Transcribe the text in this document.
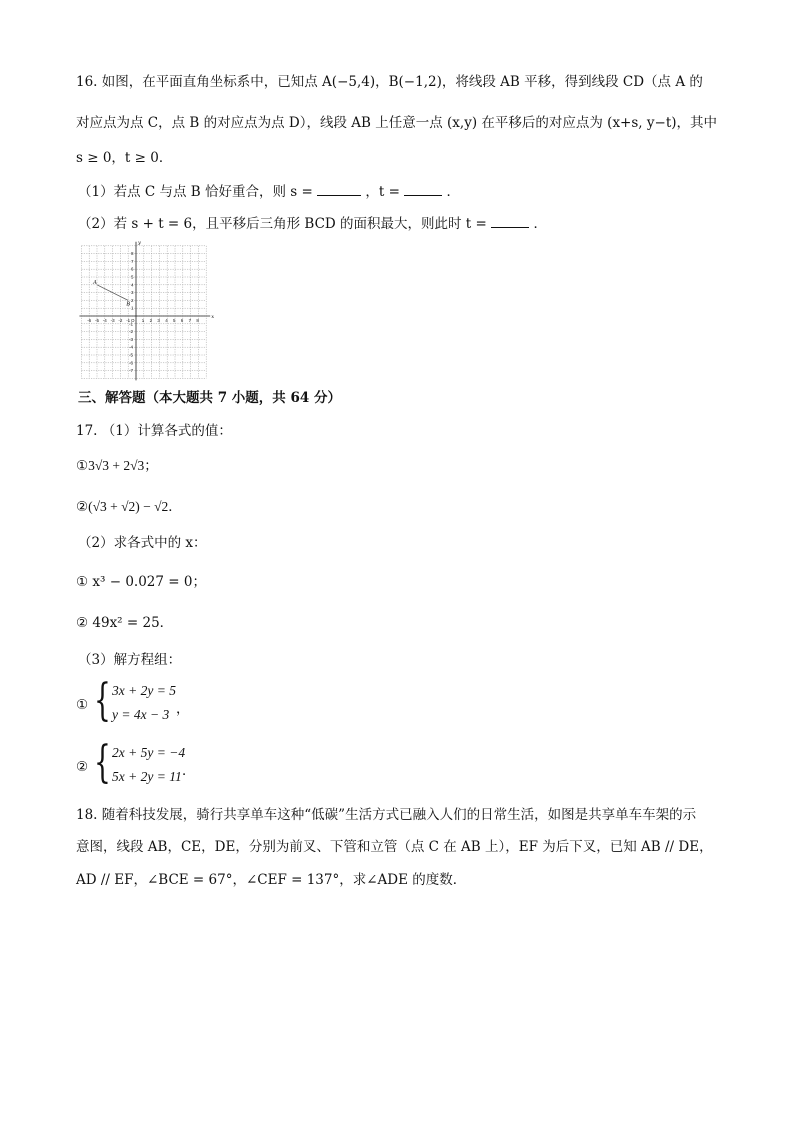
16. 如图，在平面直角坐标系中，已知点 A(−5,4)，B(−1,2)，将线段 AB 平移，得到线段 CD（点 A 的
对应点为点 C，点 B 的对应点为点 D），线段 AB 上任意一点 (x,y) 在平移后的对应点为 (x+s, y−t)，其中
s ≥ 0，t ≥ 0．
（1）若点 C 与点 B 恰好重合，则 s =	，t =	．
（2）若 s + t = 6，且平移后三角形 BCD 的面积最大，则此时 t =	．
-6 -5 -4 -3 -2 -1 O 1 2 3 4 5 6 7 8
8
7
6
5
4
3
2
1
-1
-2
-3
-4
-5
-6
-7
x
y
A
B
三、解答题（本大题共 7 小题，共 64 分）
17. （1）计算各式的值：
①3√3 + 2√3；
②(√3 + √2) − √2．
（2）求各式中的 x：
① x³ − 0.027 = 0；
② 49x² = 25．
（3）解方程组：
① { 3x + 2y = 5
y = 4x − 3 ，
② { 2x + 5y = −4
5x + 2y = 11 ．
18. 随着科技发展，骑行共享单车这种“低碳”生活方式已融入人们的日常生活，如图是共享单车车架的示
意图，线段 AB，CE，DE，分别为前叉、下管和立管（点 C 在 AB 上），EF 为后下叉，已知 AB // DE，
AD // EF，∠BCE = 67°，∠CEF = 137°，求∠ADE 的度数．
